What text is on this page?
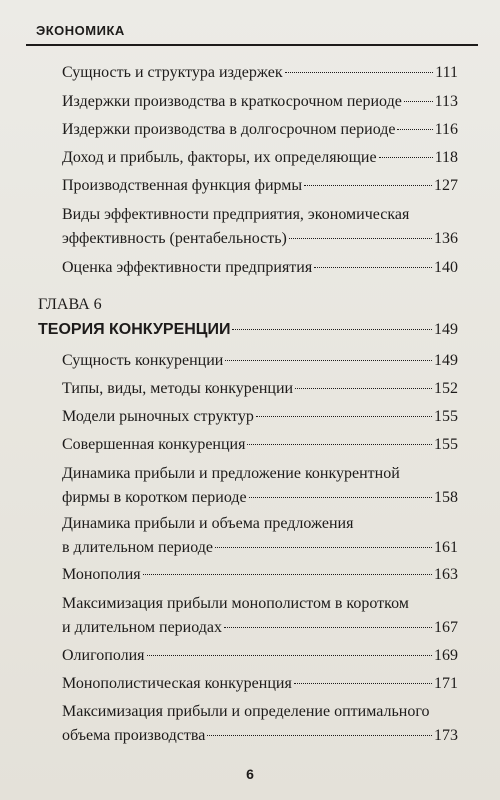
ЭКОНОМИКА
Сущность и структура издержек	111
Издержки производства в краткосрочном периоде 113
Издержки производства в долгосрочном периоде 116
Доход и прибыль, факторы, их определяющие	118
Производственная функция фирмы	127
Виды эффективности предприятия, экономическая
эффективность (рентабельность)	136
Оценка эффективности предприятия	140
ГЛАВА 6
ТЕОРИЯ КОНКУРЕНЦИИ	149
Сущность конкуренции	149
Типы, виды, методы конкуренции	152
Модели рыночных структур	155
Совершенная конкуренция	155
Динамика прибыли и предложение конкурентной
фирмы в коротком периоде	158
Динамика прибыли и объема предложения
в длительном периоде	161
Монополия	163
Максимизация прибыли монополистом в коротком
и длительном периодах	167
Олигополия	169
Монополистическая конкуренция	171
Максимизация прибыли и определение оптимального
объема производства	173
6
